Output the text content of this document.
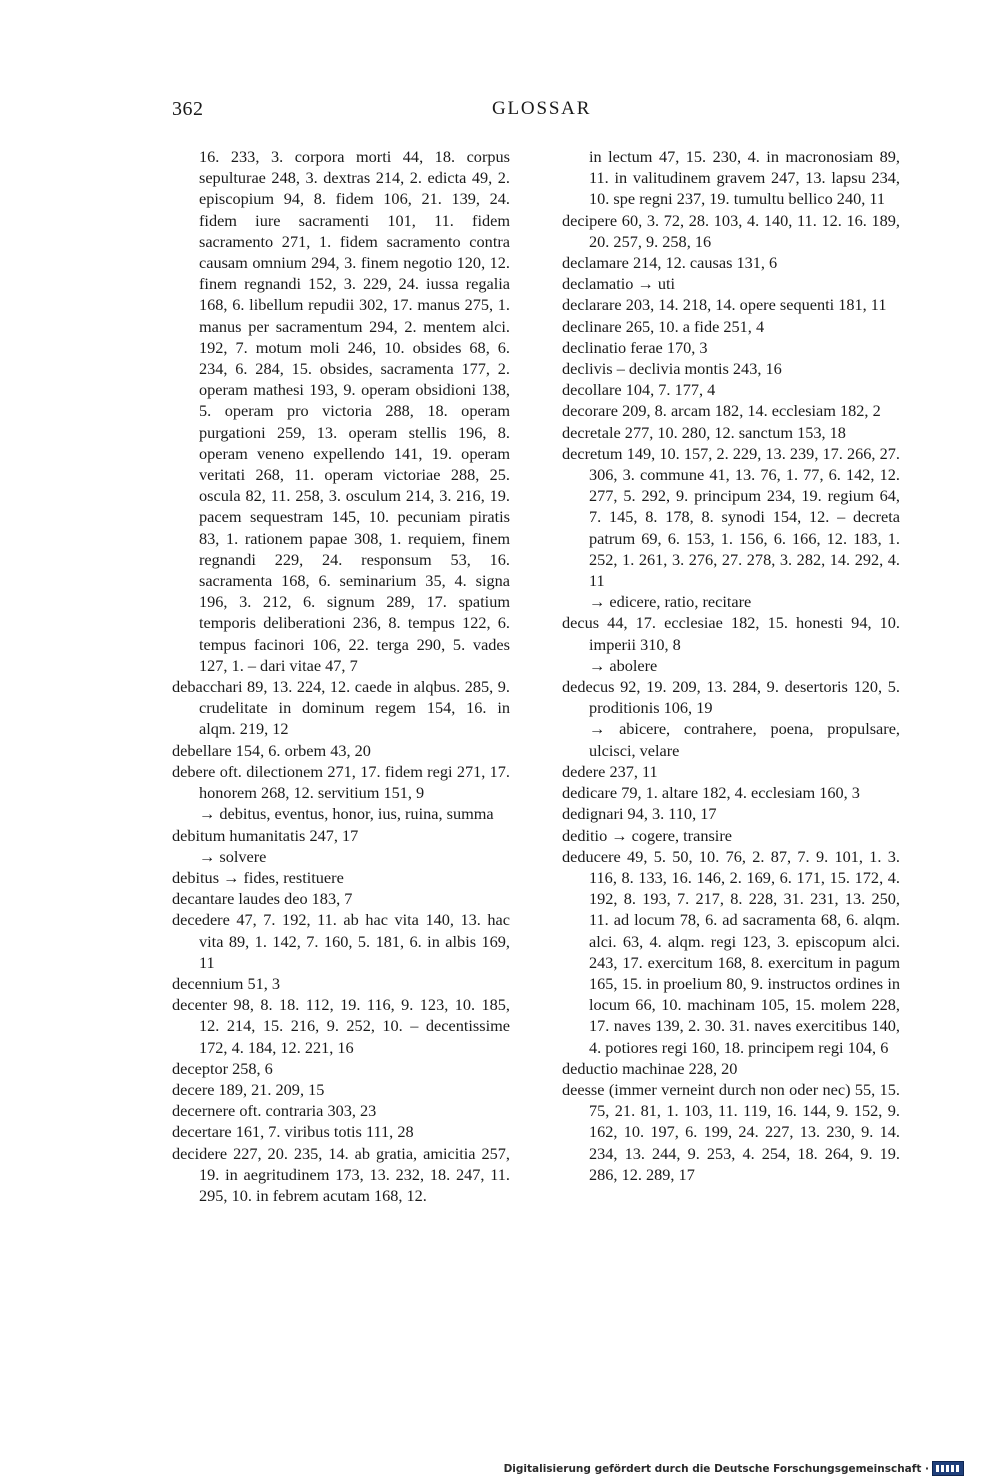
362	GLOSSAR
16. 233, 3. corpora morti 44, 18. corpus sepulturae 248, 3. dextras 214, 2. edicta 49, 2. episcopium 94, 8. fidem 106, 21. 139, 24. fidem iure sacramenti 101, 11. fidem sacramento 271, 1. fidem sacramento contra causam omnium 294, 3. finem negotio 120, 12. finem regnandi 152, 3. 229, 24. iussa regalia 168, 6. libellum repudii 302, 17. manus 275, 1. manus per sacramentum 294, 2. mentem alci. 192, 7. motum moli 246, 10. obsides 68, 6. 234, 6. 284, 15. obsides, sacramenta 177, 2. operam mathesi 193, 9. operam obsidioni 138, 5. operam pro victoria 288, 18. operam purgationi 259, 13. operam stellis 196, 8. operam veneno expellendo 141, 19. operam veritati 268, 11. operam victoriae 288, 25. oscula 82, 11. 258, 3. osculum 214, 3. 216, 19. pacem sequestram 145, 10. pecuniam piratis 83, 1. rationem papae 308, 1. requiem, finem regnandi 229, 24. responsum 53, 16. sacramenta 168, 6. seminarium 35, 4. signa 196, 3. 212, 6. signum 289, 17. spatium temporis deliberationi 236, 8. tempus 122, 6. tempus facinori 106, 22. terga 290, 5. vades 127, 1. – dari vitae 47, 7
debacchari 89, 13. 224, 12. caede in alqbus. 285, 9. crudelitate in dominum regem 154, 16. in alqm. 219, 12
debellare 154, 6. orbem 43, 20
debere oft. dilectionem 271, 17. fidem regi 271, 17. honorem 268, 12. servitium 151, 9
→ debitus, eventus, honor, ius, ruina, summa
debitum humanitatis 247, 17
→ solvere
debitus → fides, restituere
decantare laudes deo 183, 7
decedere 47, 7. 192, 11. ab hac vita 140, 13. hac vita 89, 1. 142, 7. 160, 5. 181, 6. in albis 169, 11
decennium 51, 3
decenter 98, 8. 18. 112, 19. 116, 9. 123, 10. 185, 12. 214, 15. 216, 9. 252, 10. – decentissime 172, 4. 184, 12. 221, 16
deceptor 258, 6
decere 189, 21. 209, 15
decernere oft. contraria 303, 23
decertare 161, 7. viribus totis 111, 28
decidere 227, 20. 235, 14. ab gratia, amicitia 257, 19. in aegritudinem 173, 13. 232, 18. 247, 11. 295, 10. in febrem acutam 168, 12.
in lectum 47, 15. 230, 4. in macronosiam 89, 11. in valitudinem gravem 247, 13. lapsu 234, 10. spe regni 237, 19. tumultu bellico 240, 11
decipere 60, 3. 72, 28. 103, 4. 140, 11. 12. 16. 189, 20. 257, 9. 258, 16
declamare 214, 12. causas 131, 6
declamatio → uti
declarare 203, 14. 218, 14. opere sequenti 181, 11
declinare 265, 10. a fide 251, 4
declinatio ferae 170, 3
declivis – declivia montis 243, 16
decollare 104, 7. 177, 4
decorare 209, 8. arcam 182, 14. ecclesiam 182, 2
decretale 277, 10. 280, 12. sanctum 153, 18
decretum 149, 10. 157, 2. 229, 13. 239, 17. 266, 27. 306, 3. commune 41, 13. 76, 1. 77, 6. 142, 12. 277, 5. 292, 9. principum 234, 19. regium 64, 7. 145, 8. 178, 8. synodi 154, 12. – decreta patrum 69, 6. 153, 1. 156, 6. 166, 12. 183, 1. 252, 1. 261, 3. 276, 27. 278, 3. 282, 14. 292, 4. 11
→ edicere, ratio, recitare
decus 44, 17. ecclesiae 182, 15. honesti 94, 10. imperii 310, 8
→ abolere
dedecus 92, 19. 209, 13. 284, 9. desertoris 120, 5. proditionis 106, 19
→ abicere, contrahere, poena, propulsare, ulcisci, velare
dedere 237, 11
dedicare 79, 1. altare 182, 4. ecclesiam 160, 3
dedignari 94, 3. 110, 17
deditio → cogere, transire
deducere 49, 5. 50, 10. 76, 2. 87, 7. 9. 101, 1. 3. 116, 8. 133, 16. 146, 2. 169, 6. 171, 15. 172, 4. 192, 8. 193, 7. 217, 8. 228, 31. 231, 13. 250, 11. ad locum 78, 6. ad sacramenta 68, 6. alqm. alci. 63, 4. alqm. regi 123, 3. episcopum alci. 243, 17. exercitum 168, 8. exercitum in pagum 165, 15. in proelium 80, 9. instructos ordines in locum 66, 10. machinam 105, 15. molem 228, 17. naves 139, 2. 30. 31. naves exercitibus 140, 4. potiores regi 160, 18. principem regi 104, 6
deductio machinae 228, 20
deesse (immer verneint durch non oder nec) 55, 15. 75, 21. 81, 1. 103, 11. 119, 16. 144, 9. 152, 9. 162, 10. 197, 6. 199, 24. 227, 13. 230, 9. 14. 234, 13. 244, 9. 253, 4. 254, 18. 264, 9. 19. 286, 12. 289, 17
Digitalisierung gefördert durch die Deutsche Forschungsgemeinschaft ·
